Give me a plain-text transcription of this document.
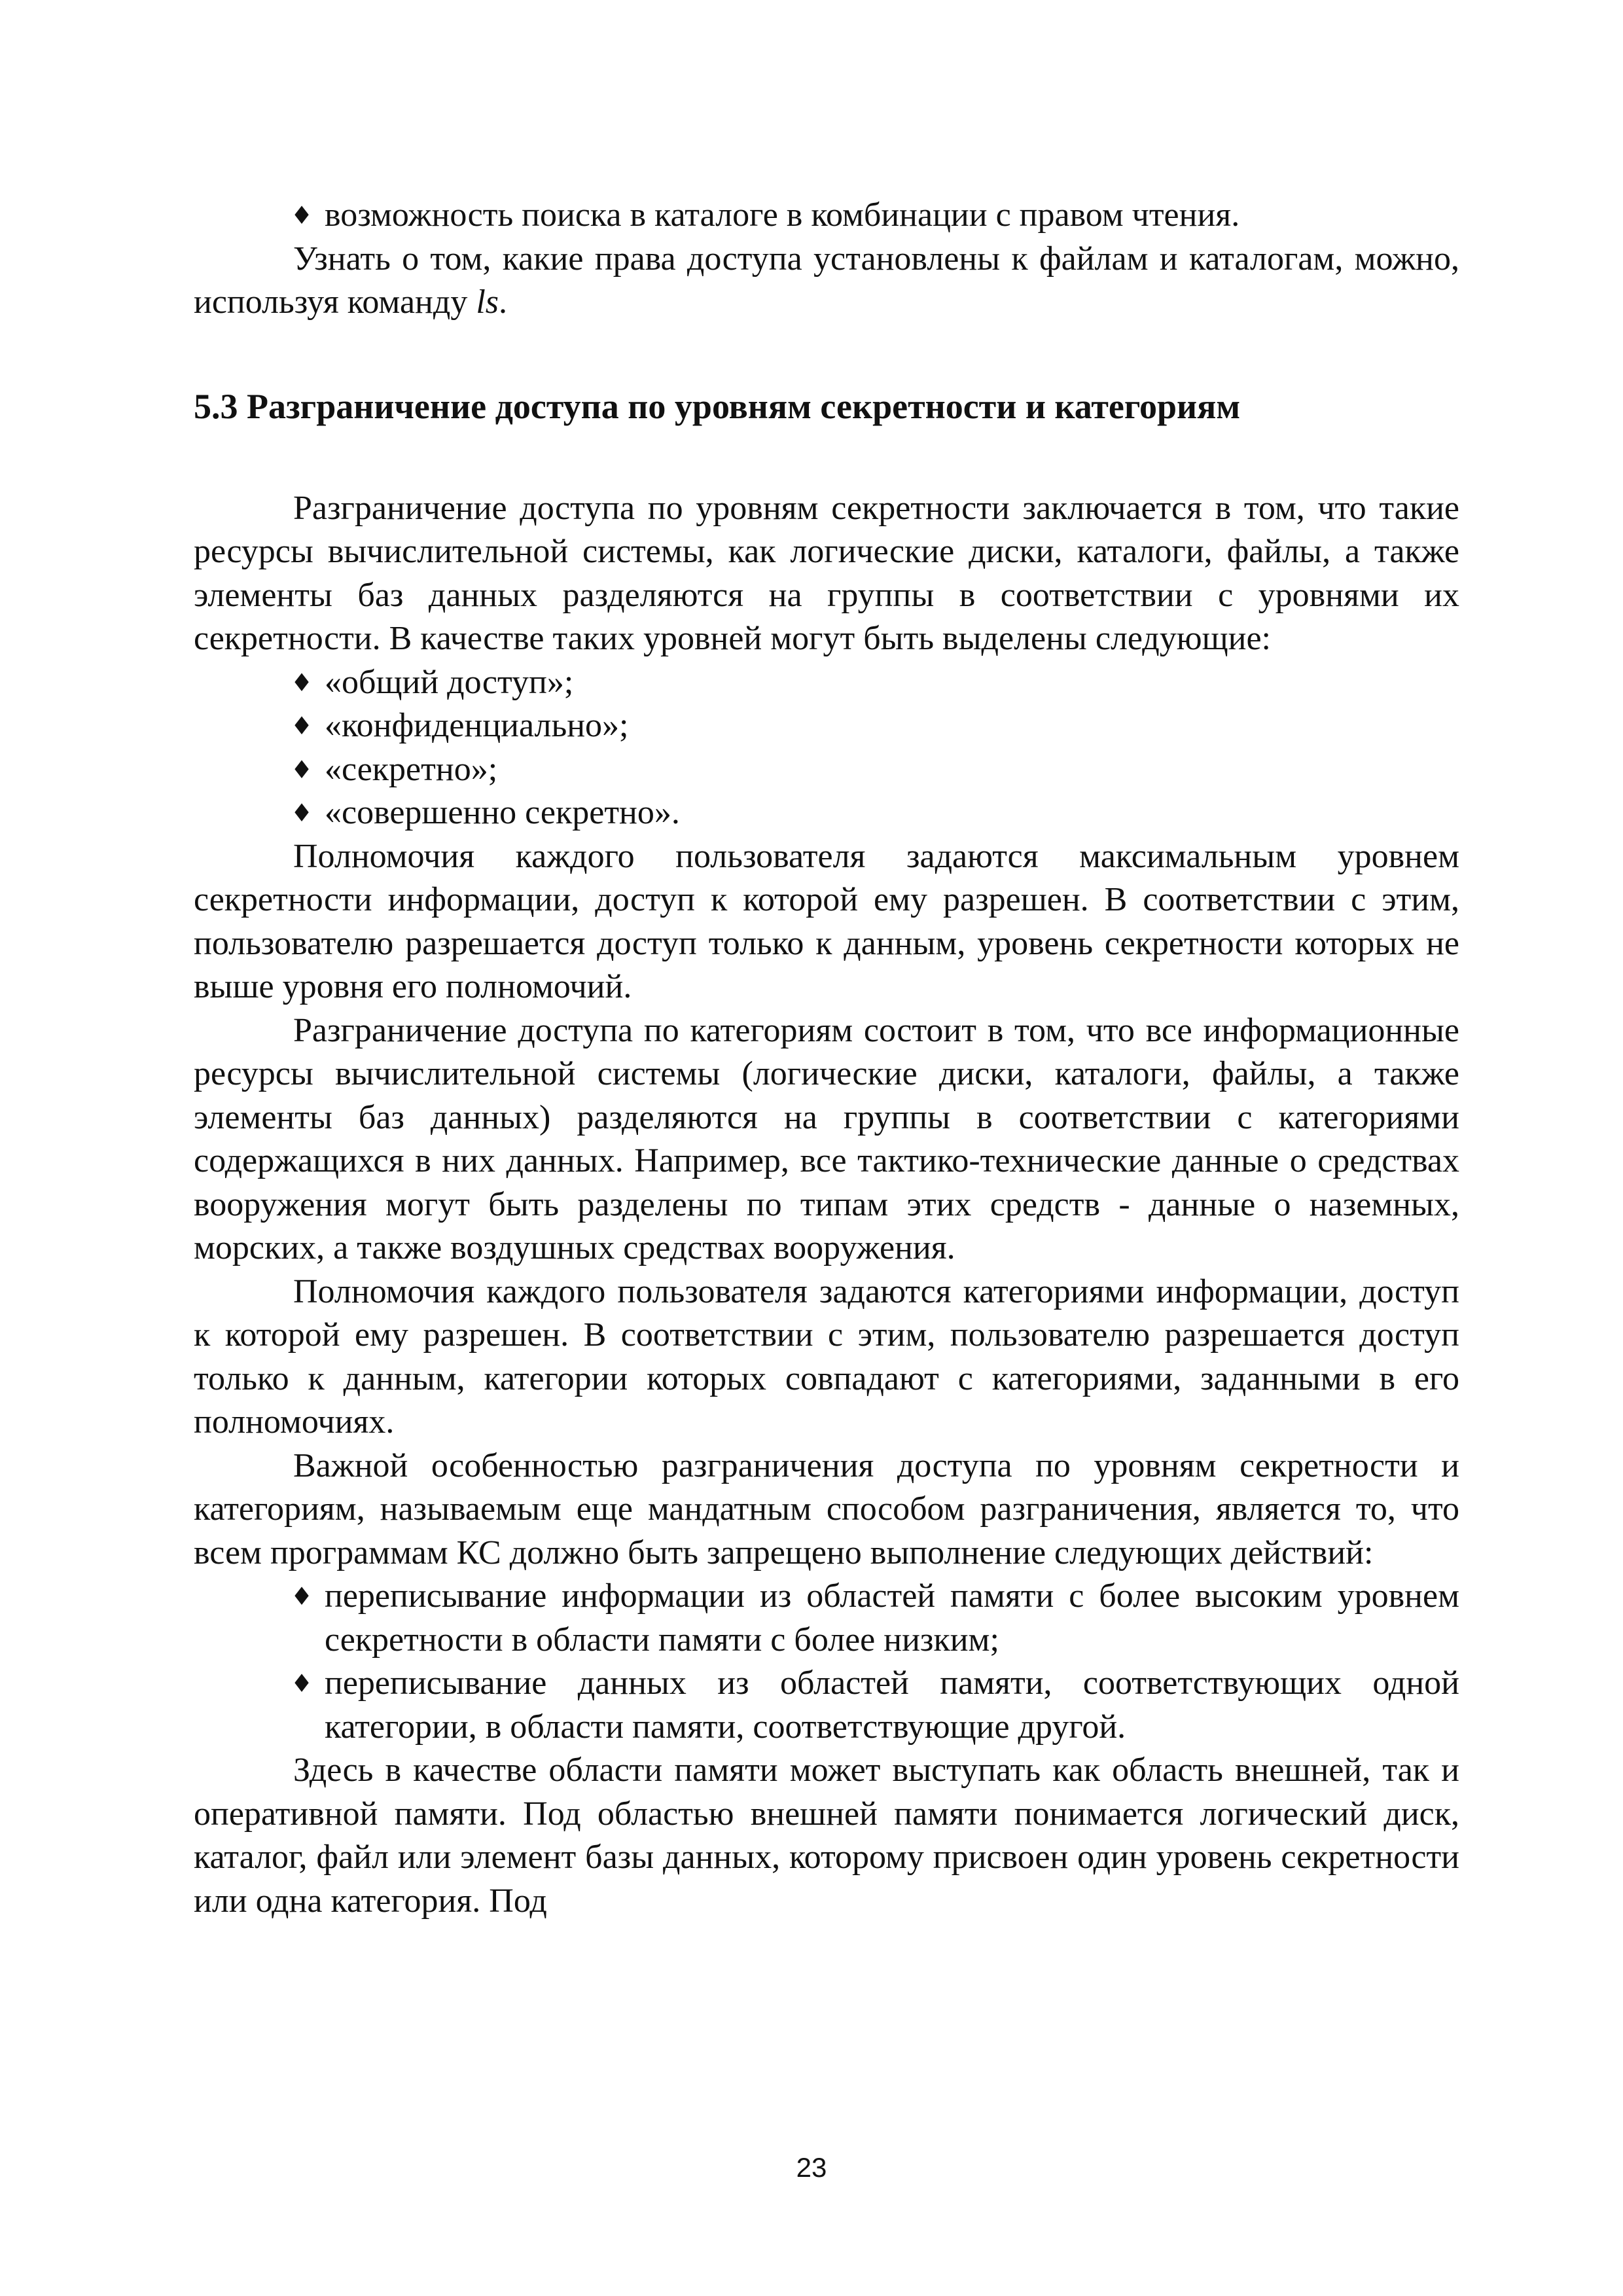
♦ возможность поиска в каталоге в комбинации с правом чтения.

Узнать о том, какие права доступа установлены к файлам и каталогам, можно, используя команду ls.

5.3 Разграничение доступа по уровням секретности и категориям

Разграничение доступа по уровням секретности заключается в том, что такие ресурсы вычислительной системы, как логические диски, каталоги, файлы, а также элементы баз данных разделяются на группы в соответствии с уровнями их секретности. В качестве таких уровней могут быть выделены следующие:

♦ «общий доступ»;

♦ «конфиденциально»;

♦ «секретно»;

♦ «совершенно секретно».

Полномочия каждого пользователя задаются максимальным уровнем секретности информации, доступ к которой ему разрешен. В соответствии с этим, пользователю разрешается доступ только к данным, уровень секретности которых не выше уровня его полномочий.

Разграничение доступа по категориям состоит в том, что все информационные ресурсы вычислительной системы (логические диски, каталоги, файлы, а также элементы баз данных) разделяются на группы в соответствии с категориями содержащихся в них данных. Например, все тактико-технические данные о средствах вооружения могут быть разделены по типам этих средств - данные о наземных, морских, а также воздушных средствах вооружения.

Полномочия каждого пользователя задаются категориями информации, доступ к которой ему разрешен. В соответствии с этим, пользователю разрешается доступ только к данным, категории которых совпадают с категориями, заданными в его полномочиях.

Важной особенностью разграничения доступа по уровням секретности и категориям, называемым еще мандатным способом разграничения, является то, что всем программам КС должно быть запрещено выполнение следующих действий:

♦ переписывание информации из областей памяти с более высоким уровнем секретности в области памяти с более низким;

♦ переписывание данных из областей памяти, соответствующих одной категории, в области памяти, соответствующие другой.

Здесь в качестве области памяти может выступать как область внешней, так и оперативной памяти. Под областью внешней памяти понимается логический диск, каталог, файл или элемент базы данных, которому присвоен один уровень секретности или одна категория. Под

23
